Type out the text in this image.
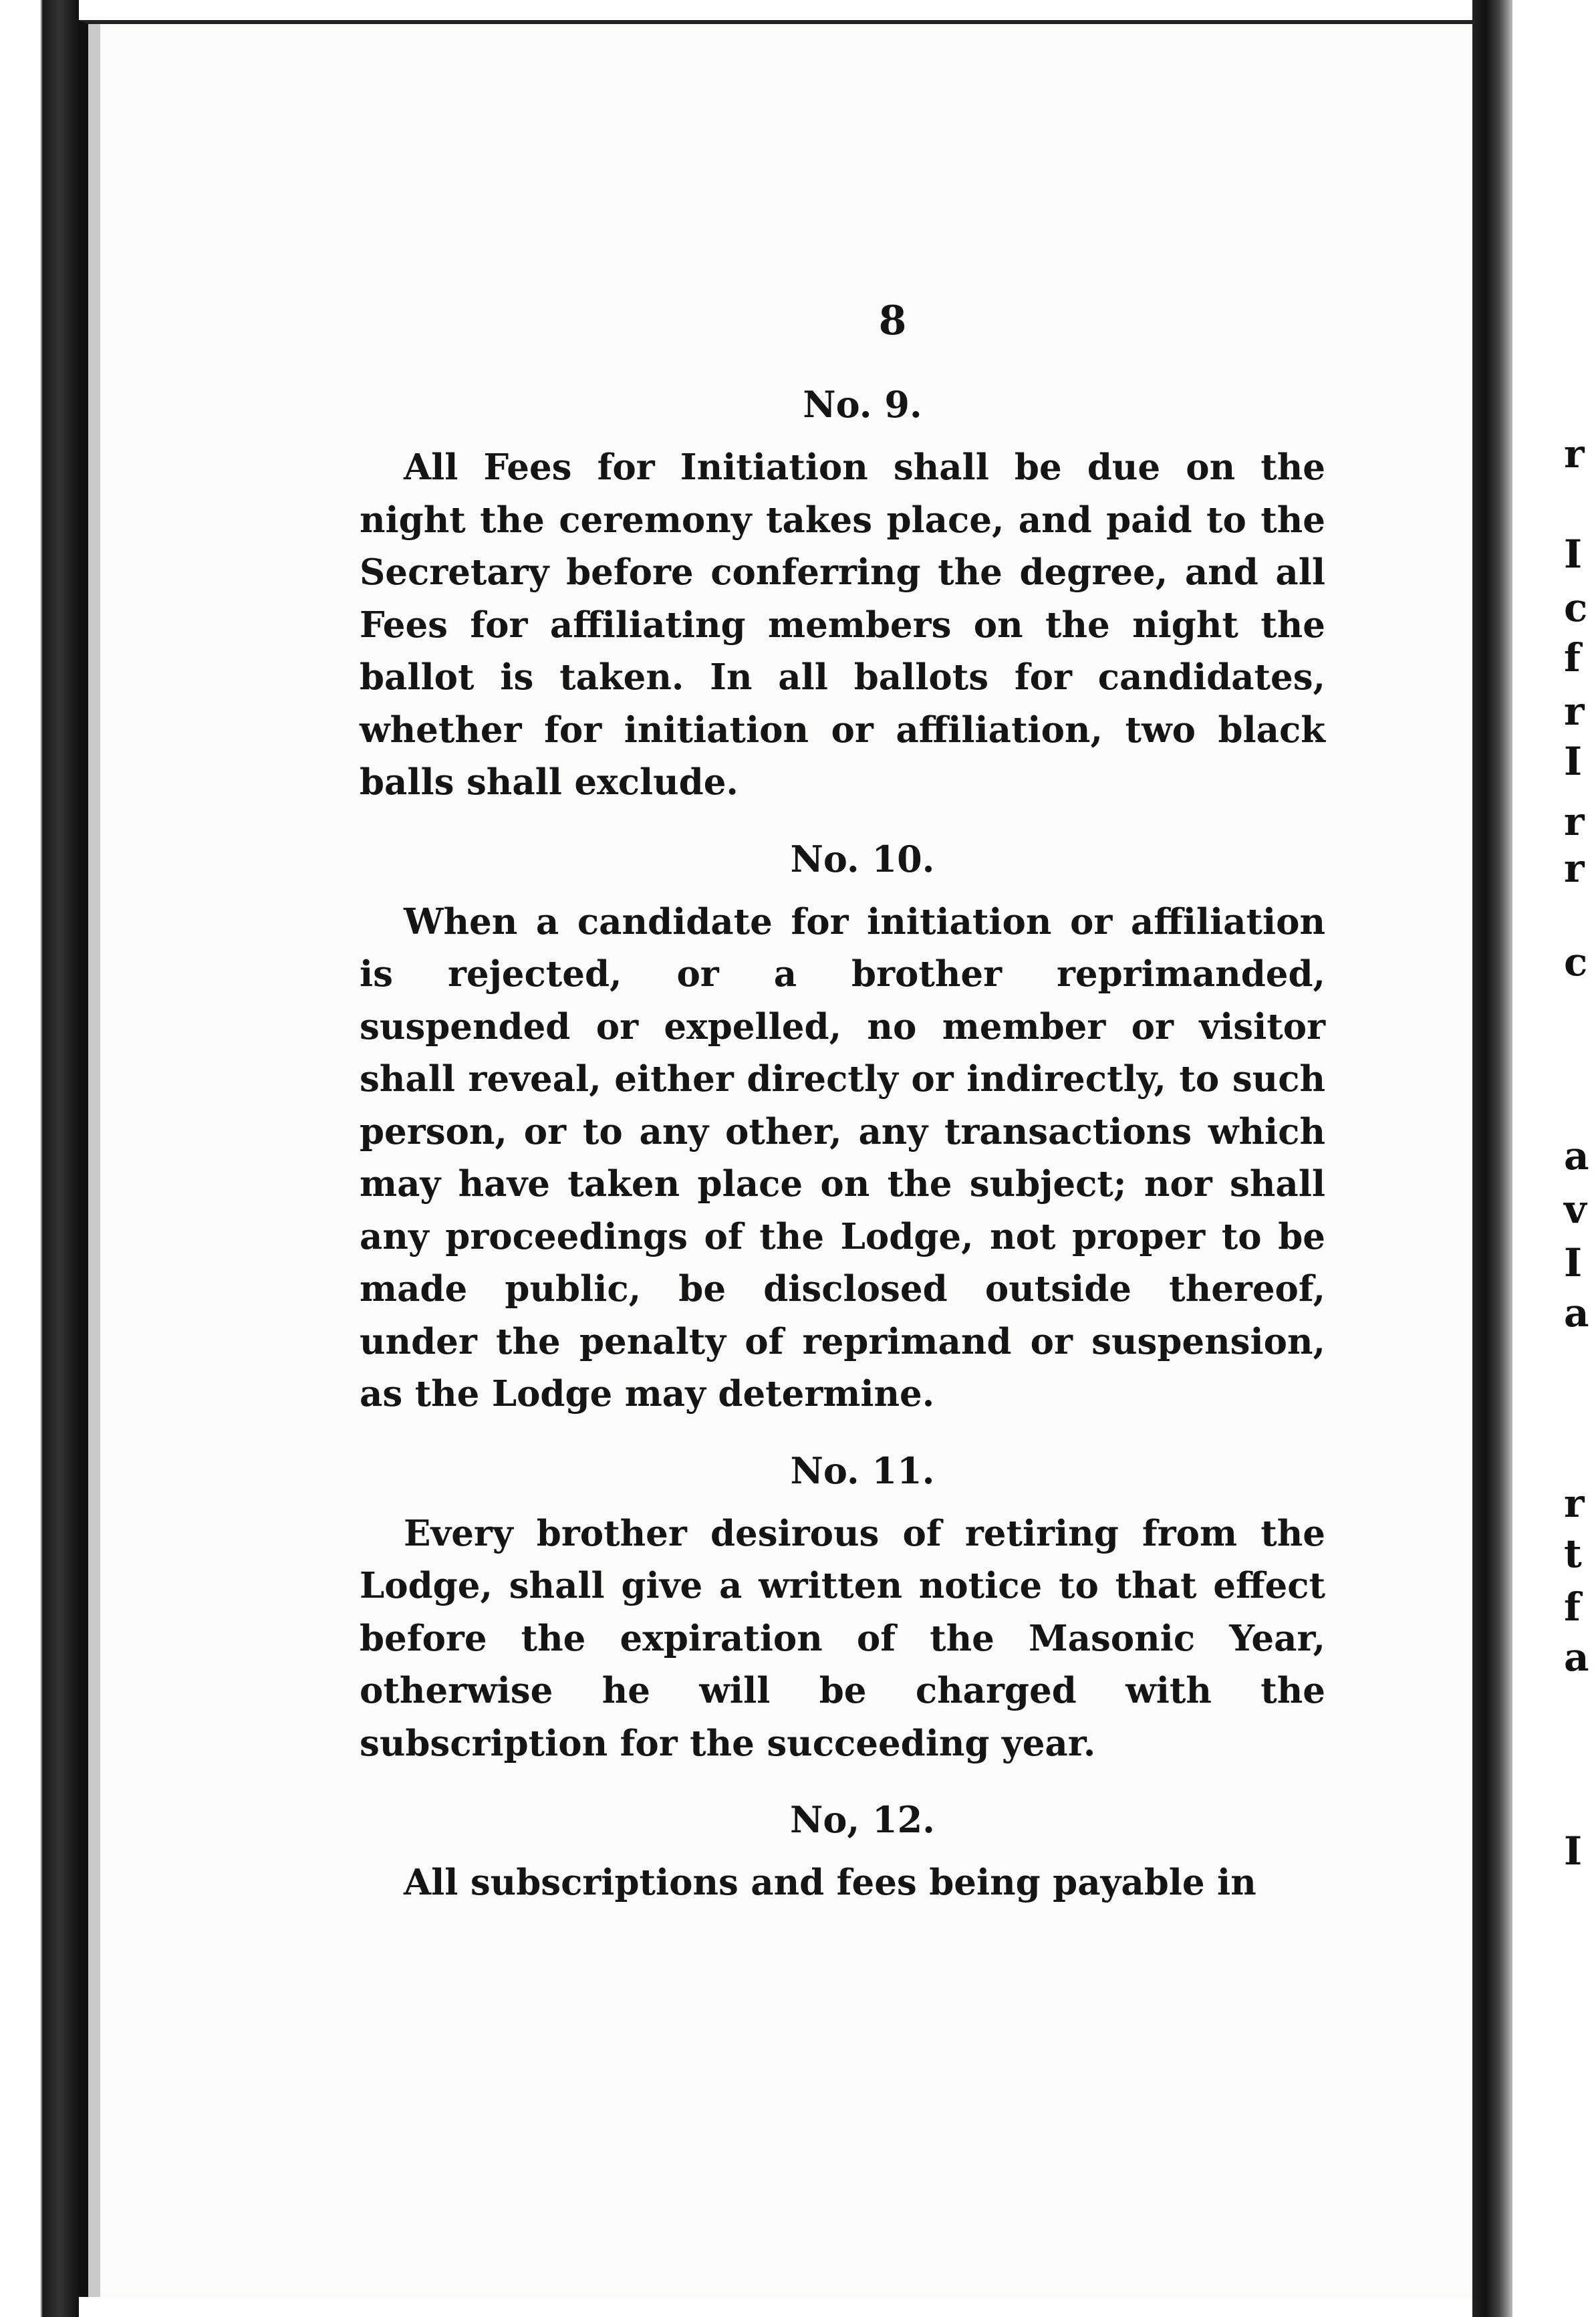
r
I
c
f
r
I
r
r
c
a
v
I
a
r
t
f
a
I
8
No. 9.

All Fees for Initiation shall be due on the night the ceremony takes place, and paid to the Secretary before conferring the degree, and all Fees for affiliating members on the night the ballot is taken. In all ballots for candidates, whether for initiation or affiliation, two black balls shall exclude.

No. 10.

When a candidate for initiation or affiliation is rejected, or a brother reprimanded, suspended or expelled, no member or visitor shall reveal, either directly or indirectly, to such person, or to any other, any transactions which may have taken place on the subject; nor shall any proceedings of the Lodge, not proper to be made public, be disclosed outside thereof, under the penalty of reprimand or suspension, as the Lodge may determine.

No. 11.

Every brother desirous of retiring from the Lodge, shall give a written notice to that effect before the expiration of the Masonic Year, otherwise he will be charged with the subscription for the succeeding year.

No, 12.

All subscriptions and fees being payable in
